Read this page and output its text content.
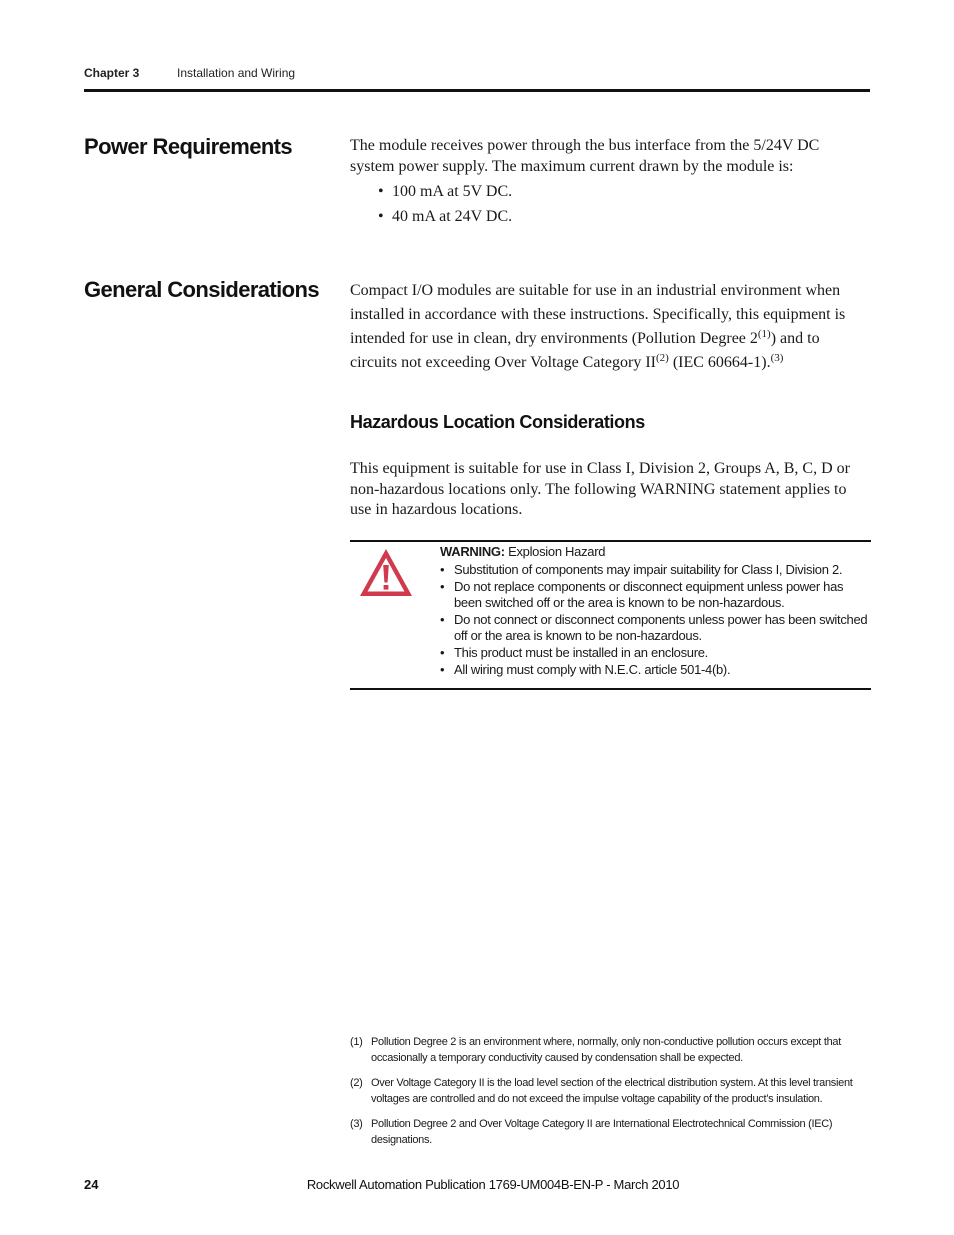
Chapter 3	Installation and Wiring
Power Requirements	The module receives power through the bus interface from the 5/24V DC system power supply. The maximum current drawn by the module is:
• 100 mA at 5V DC.
• 40 mA at 24V DC.
General Considerations Compact I/O modules are suitable for use in an industrial environment when installed in accordance with these instructions. Specifically, this equipment is intended for use in clean, dry environments (Pollution Degree 2$^{(1)}$) and to circuits not exceeding Over Voltage Category II$^{(2)}$ (IEC 60664-1).$^{(3)}$
Hazardous Location Considerations
This equipment is suitable for use in Class I, Division 2, Groups A, B, C, D or non-hazardous locations only. The following WARNING statement applies to use in hazardous locations.
WARNING: Explosion Hazard
• Substitution of components may impair suitability for Class I, Division 2.
• Do not replace components or disconnect equipment unless power has been switched off or the area is known to be non-hazardous.
• Do not connect or disconnect components unless power has been switched off or the area is known to be non-hazardous.
• This product must be installed in an enclosure.
• All wiring must comply with N.E.C. article 501-4(b).
(1) Pollution Degree 2 is an environment where, normally, only non-conductive pollution occurs except that occasionally a temporary conductivity caused by condensation shall be expected.
(2) Over Voltage Category II is the load level section of the electrical distribution system. At this level transient voltages are controlled and do not exceed the impulse voltage capability of the product’s insulation.
(3) Pollution Degree 2 and Over Voltage Category II are International Electrotechnical Commission (IEC) designations.
24	Rockwell Automation Publication 1769-UM004B-EN-P - March 2010
